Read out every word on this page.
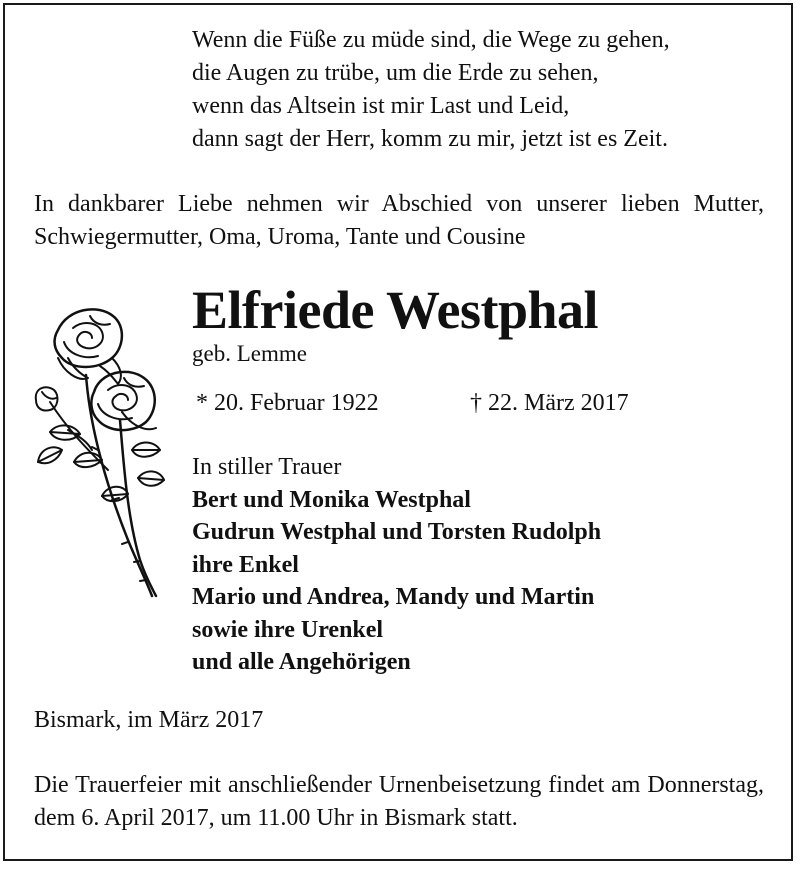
Wenn die Füße zu müde sind, die Wege zu gehen,
die Augen zu trübe, um die Erde zu sehen,
wenn das Altsein ist mir Last und Leid,
dann sagt der Herr, komm zu mir, jetzt ist es Zeit.
In dankbarer Liebe nehmen wir Abschied von unserer lieben Mutter, Schwiegermutter, Oma, Uroma, Tante und Cousine
Elfriede Westphal
geb. Lemme
* 20. Februar 1922	† 22. März 2017
In stiller Trauer
Bert und Monika Westphal
Gudrun Westphal und Torsten Rudolph
ihre Enkel
Mario und Andrea, Mandy und Martin
sowie ihre Urenkel
und alle Angehörigen
Bismark, im März 2017
Die Trauerfeier mit anschließender Urnenbeisetzung findet am Donnerstag, dem 6. April 2017, um 11.00 Uhr in Bismark statt.
